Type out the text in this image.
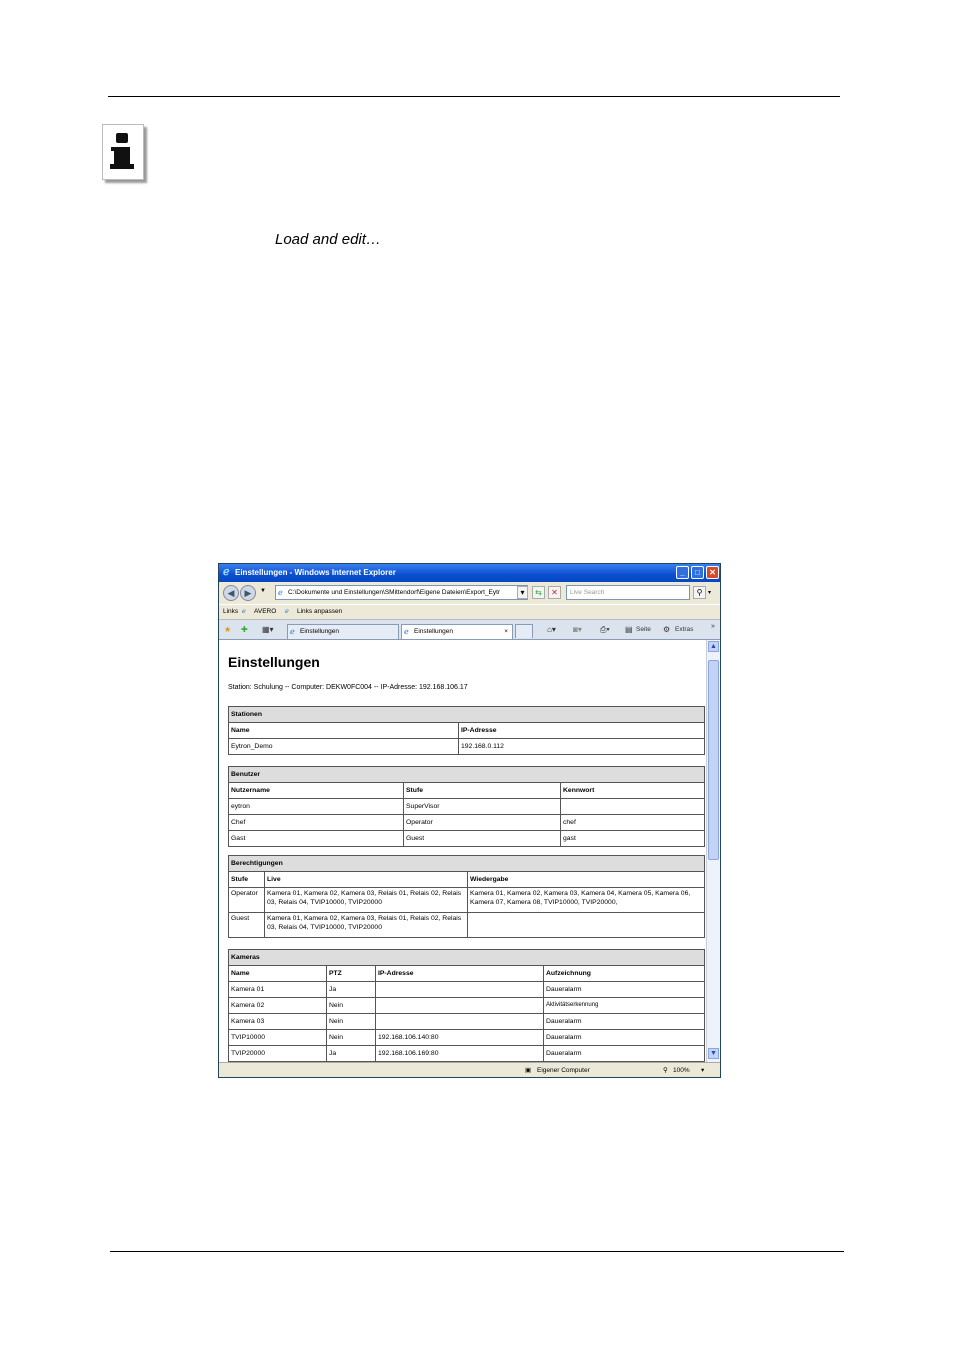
Load and edit…
ℯ Einstellungen - Windows Internet Explorer	_	□	✕
◀	▶	▼ ℯ C:\Dokumente und Einstellungen\SMittendorf\Eigene Dateien\Export_Eytr	▾	⇆	✕	Live Search	⚲ ▾
Links ℯ AVERO ℯ Links anpassen
★ ✚ ▦▾ ℯ Einstellungen	ℯ Einstellungen	×	⌂▾ ◙▾ ⎙▾ ▤ Seite ⚙ Extras	»
Einstellungen
Station: Schulung -- Computer: DEKW0FC004 -- IP-Adresse: 192.168.106.17
Stationen	
Name	IP-Adresse
Eytron_Demo	192.168.0.112
Benutzer		
Nutzername	Stufe	Kennwort
eytron	SuperVisor	
Chef	Operator	chef
Gast	Guest	gast
Berechtigungen		
Stufe	Live	Wiedergabe
Operator	Kamera 01, Kamera 02, Kamera 03, Relais 01, Relais 02, Relais 03, Relais 04, TVIP10000, TVIP20000	Kamera 01, Kamera 02, Kamera 03, Kamera 04, Kamera 05, Kamera 06, Kamera 07, Kamera 08, TVIP10000, TVIP20000,
Guest	Kamera 01, Kamera 02, Kamera 03, Relais 01, Relais 02, Relais 03, Relais 04, TVIP10000, TVIP20000	
Kameras			
Name	PTZ	IP-Adresse	Aufzeichnung
Kamera 01	Ja		Daueralarm
Kamera 02	Nein		Aktivitätserkennung
Kamera 03	Nein		Daueralarm
TVIP10000	Nein	192.168.106.140:80	Daueralarm
TVIP20000	Ja	192.168.106.169:80	Daueralarm
▲
▼
▣ Eigener Computer	⚲ 100% ▾
